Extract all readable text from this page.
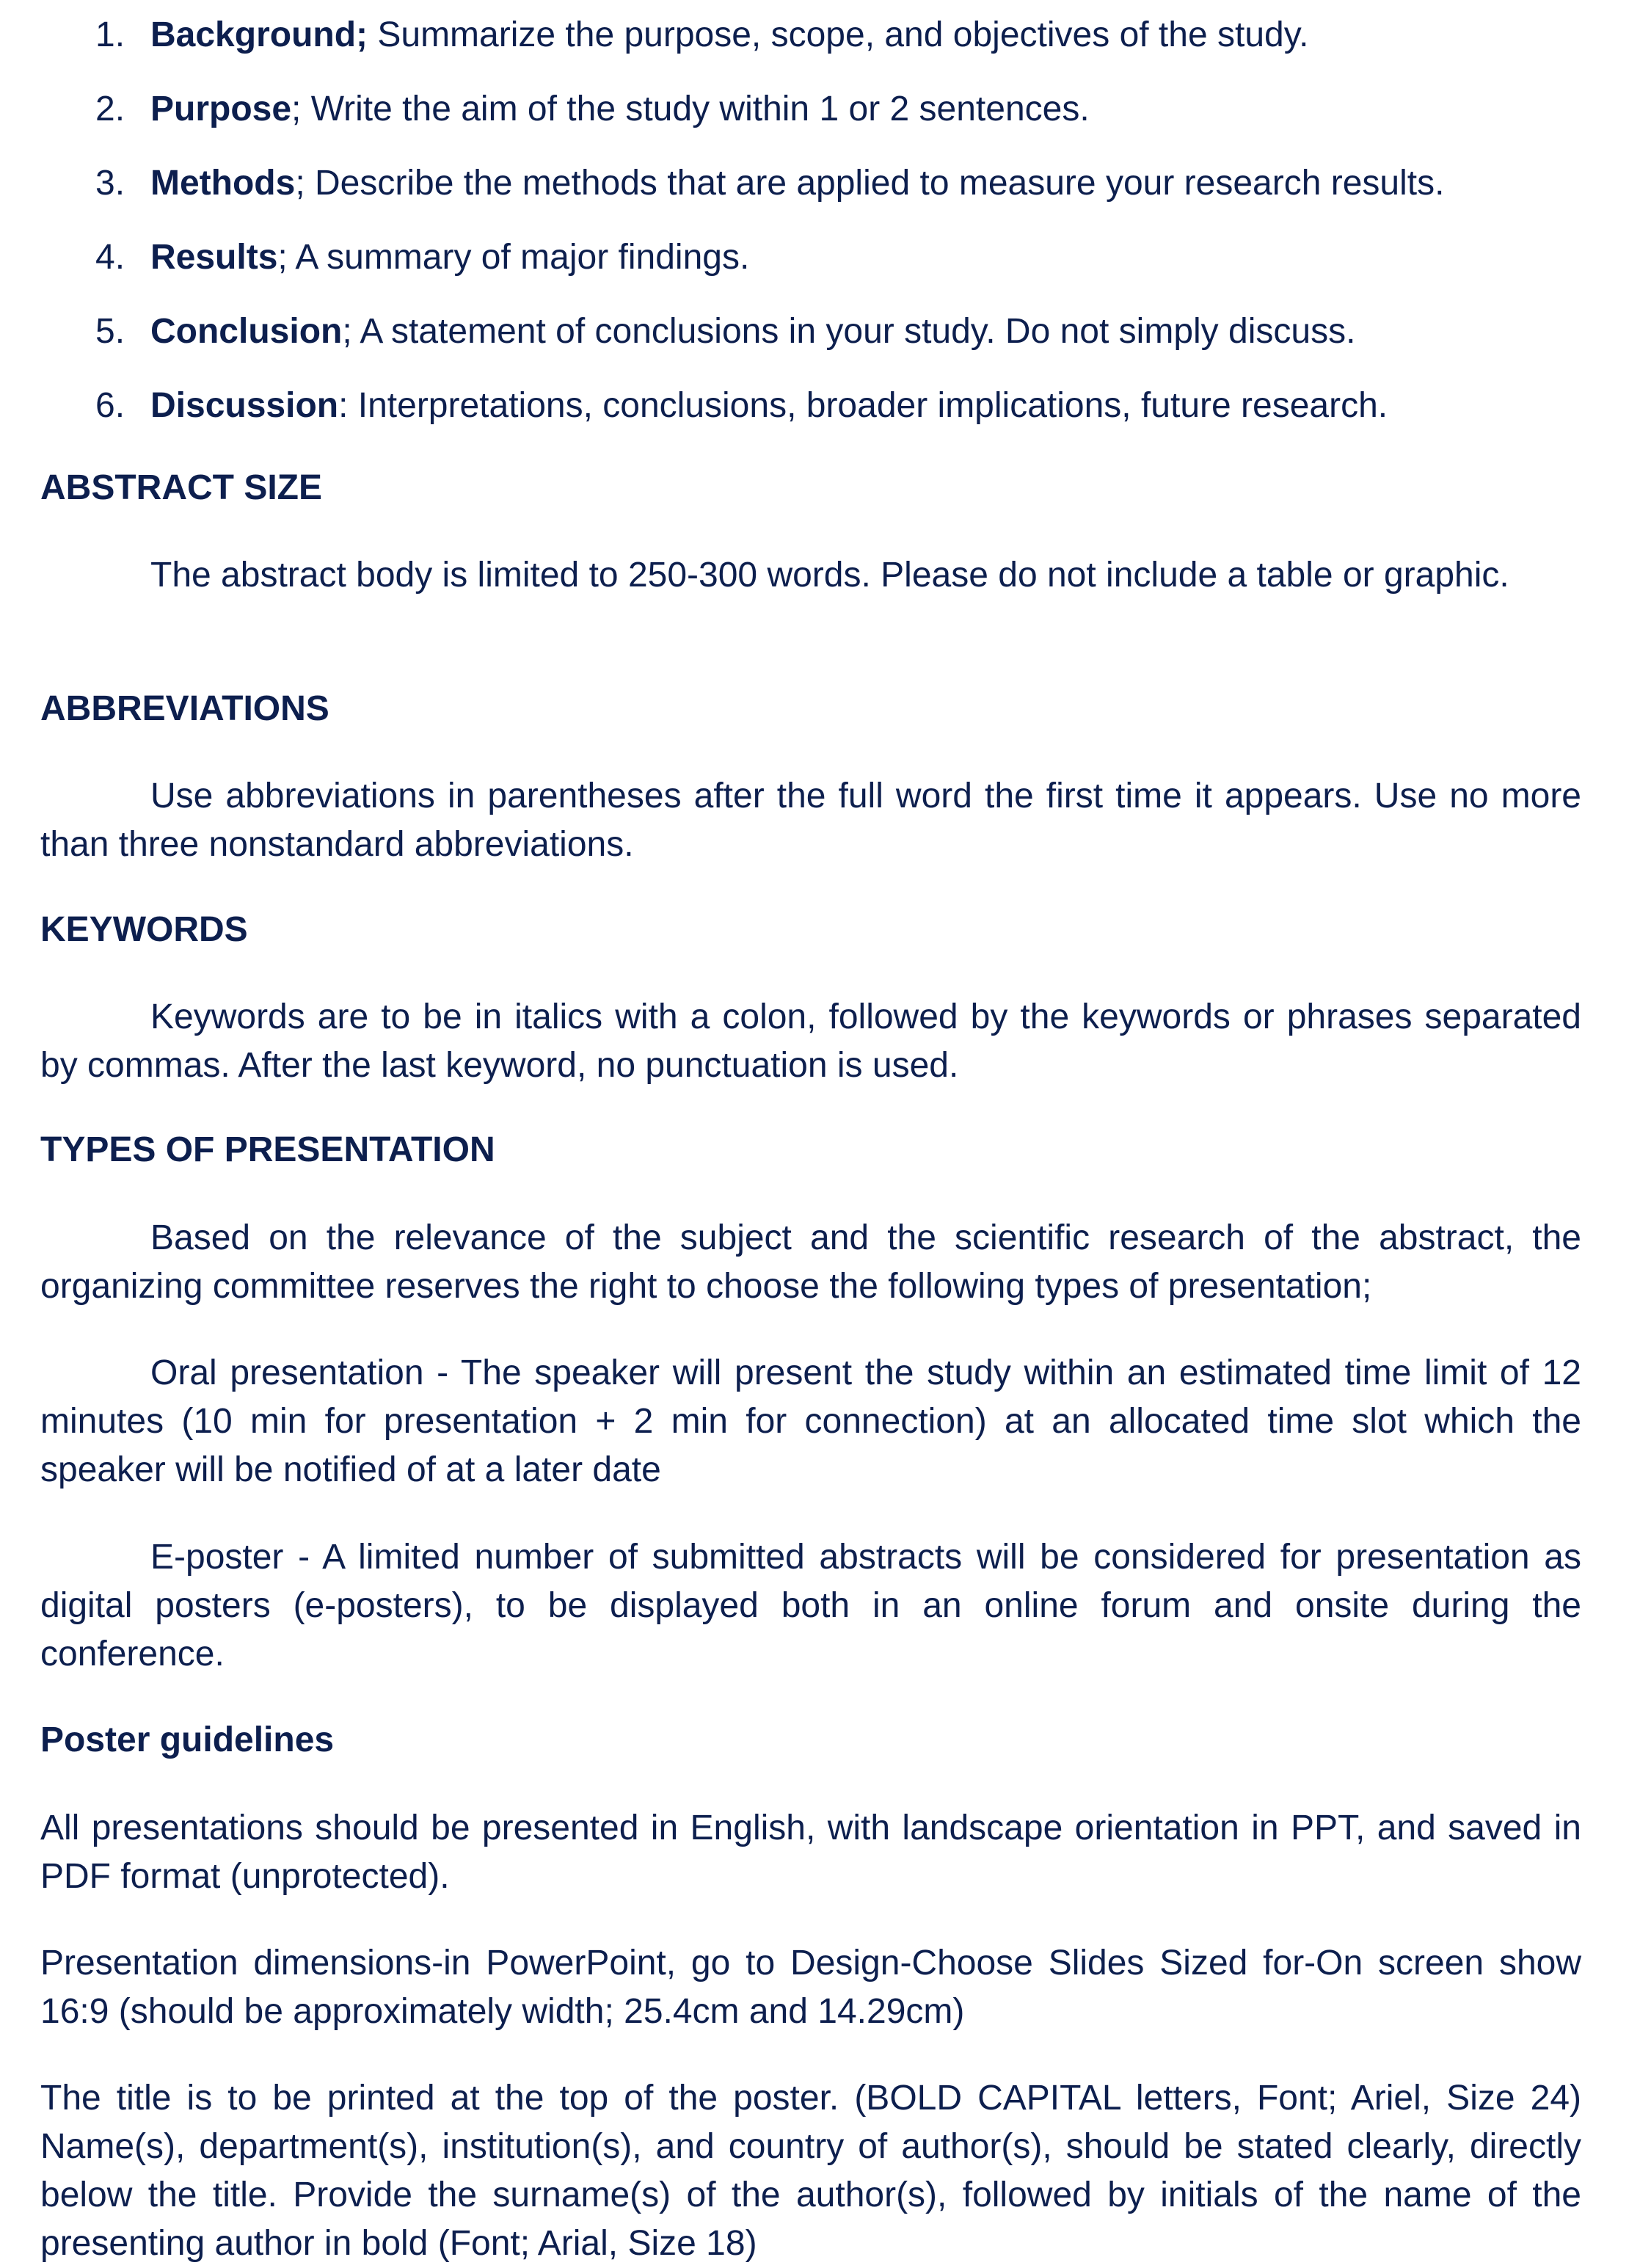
1. Background; Summarize the purpose, scope, and objectives of the study.
2. Purpose; Write the aim of the study within 1 or 2 sentences.
3. Methods; Describe the methods that are applied to measure your research results.
4. Results; A summary of major findings.
5. Conclusion; A statement of conclusions in your study. Do not simply discuss.
6. Discussion: Interpretations, conclusions, broader implications, future research.
ABSTRACT SIZE

The abstract body is limited to 250-300 words. Please do not include a table or graphic.

ABBREVIATIONS

Use abbreviations in parentheses after the full word the first time it appears. Use no more than three nonstandard abbreviations.

KEYWORDS

Keywords are to be in italics with a colon, followed by the keywords or phrases separated by commas. After the last keyword, no punctuation is used.

TYPES OF PRESENTATION

Based on the relevance of the subject and the scientific research of the abstract, the organizing committee reserves the right to choose the following types of presentation;

Oral presentation - The speaker will present the study within an estimated time limit of 12 minutes (10 min for presentation + 2 min for connection) at an allocated time slot which the speaker will be notified of at a later date

E-poster - A limited number of submitted abstracts will be considered for presentation as digital posters (e-posters), to be displayed both in an online forum and onsite during the conference.

Poster guidelines

All presentations should be presented in English, with landscape orientation in PPT, and saved in PDF format (unprotected).

Presentation dimensions-in PowerPoint, go to Design-Choose Slides Sized for-On screen show 16:9 (should be approximately width; 25.4cm and 14.29cm)

The title is to be printed at the top of the poster. (BOLD CAPITAL letters, Font; Ariel, Size 24) Name(s), department(s), institution(s), and country of author(s), should be stated clearly, directly below the title. Provide the surname(s) of the author(s), followed by initials of the name of the presenting author in bold (Font; Arial, Size 18)
